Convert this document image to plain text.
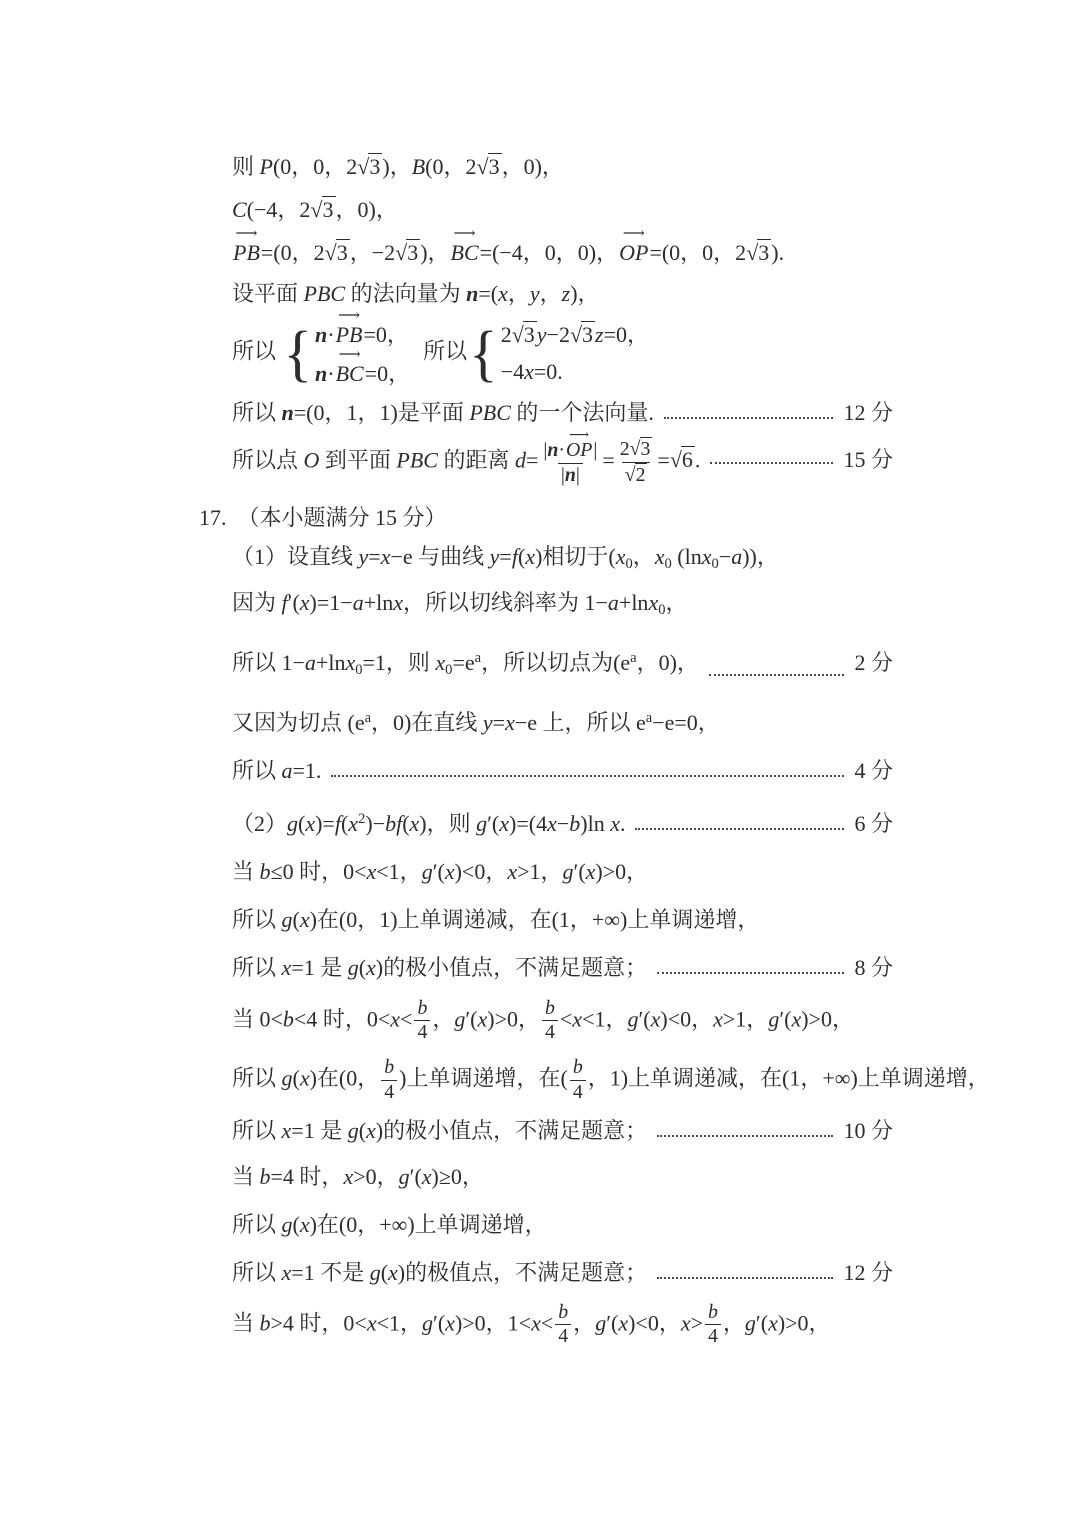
则 P(0，0，2√3)，B(0，2√3，0)，
C(−4，2√3，0)，
⟶
PB=(0，2√3，−2√3)，
⟶
BC=(−4，0，0)，
⟶
OP=(0，0，2√3).
设平面 PBC 的法向量为 n=(x，y，z)，
所以 { n·
⟶
PB=0，
n·
⟶
BC=0，
所以 { 2√3y−2√3z=0，
−4x=0.
所以 n=(0，1，1)是平面 PBC 的一个法向量.	12 分
所以点 O 到平面 PBC 的距离 d= |n·
⟶
OP|
$|n| = \frac{2√3}{√2} =√6$.	15 分
17.　（本小题满分 15 分）
（1）设直线 y=x−e 与曲线 y=f(x)相切于(x0，x0 (lnx0−a))，
因为 f′(x)=1−a+lnx，所以切线斜率为 1−a+lnx0，
所以 1−a+lnx0=1，则 $x0=e^a$，所以切点为($e^a$，0)，	2 分
又因为切点 ($e^a$，0)在直线 y=x−e 上，所以 $e^a-e=0$，
所以 a=1.	4 分
$(2)g(x)=f(x^2)-bf(x)$，则 g′(x)=(4x−b)ln x.	6 分
当 b≤0 时，0<x<1，g′(x)<0，x>1，g′(x)>0，
所以 g(x)在(0，1)上单调递减，在(1，+∞)上单调递增，
所以 x=1 是 g(x)的极小值点，不满足题意；	8 分
当 0<b<4 时，$0<x< \frac{b}{4}$ ，g′(x)>0， $\frac{b}{4} <x<1$，g′(x)<0，x>1，g′(x)>0，
所以 g(x)在(0， $\frac{b}{4}$ )上单调递增，在( $\frac{b}{4}$ ，1)上单调递减，在(1，+∞)上单调递增，
所以 x=1 是 g(x)的极小值点，不满足题意；	10 分
当 b=4 时，x>0，g′(x)≥0，
所以 g(x)在(0，+∞)上单调递增，
所以 x=1 不是 g(x)的极值点，不满足题意；	12 分
当 b>4 时，0<x<1，g′(x)>0，$1<x< \frac{b}{4}$ ，g′(x)<0，$x> \frac{b}{4}$ ，g′(x)>0，
